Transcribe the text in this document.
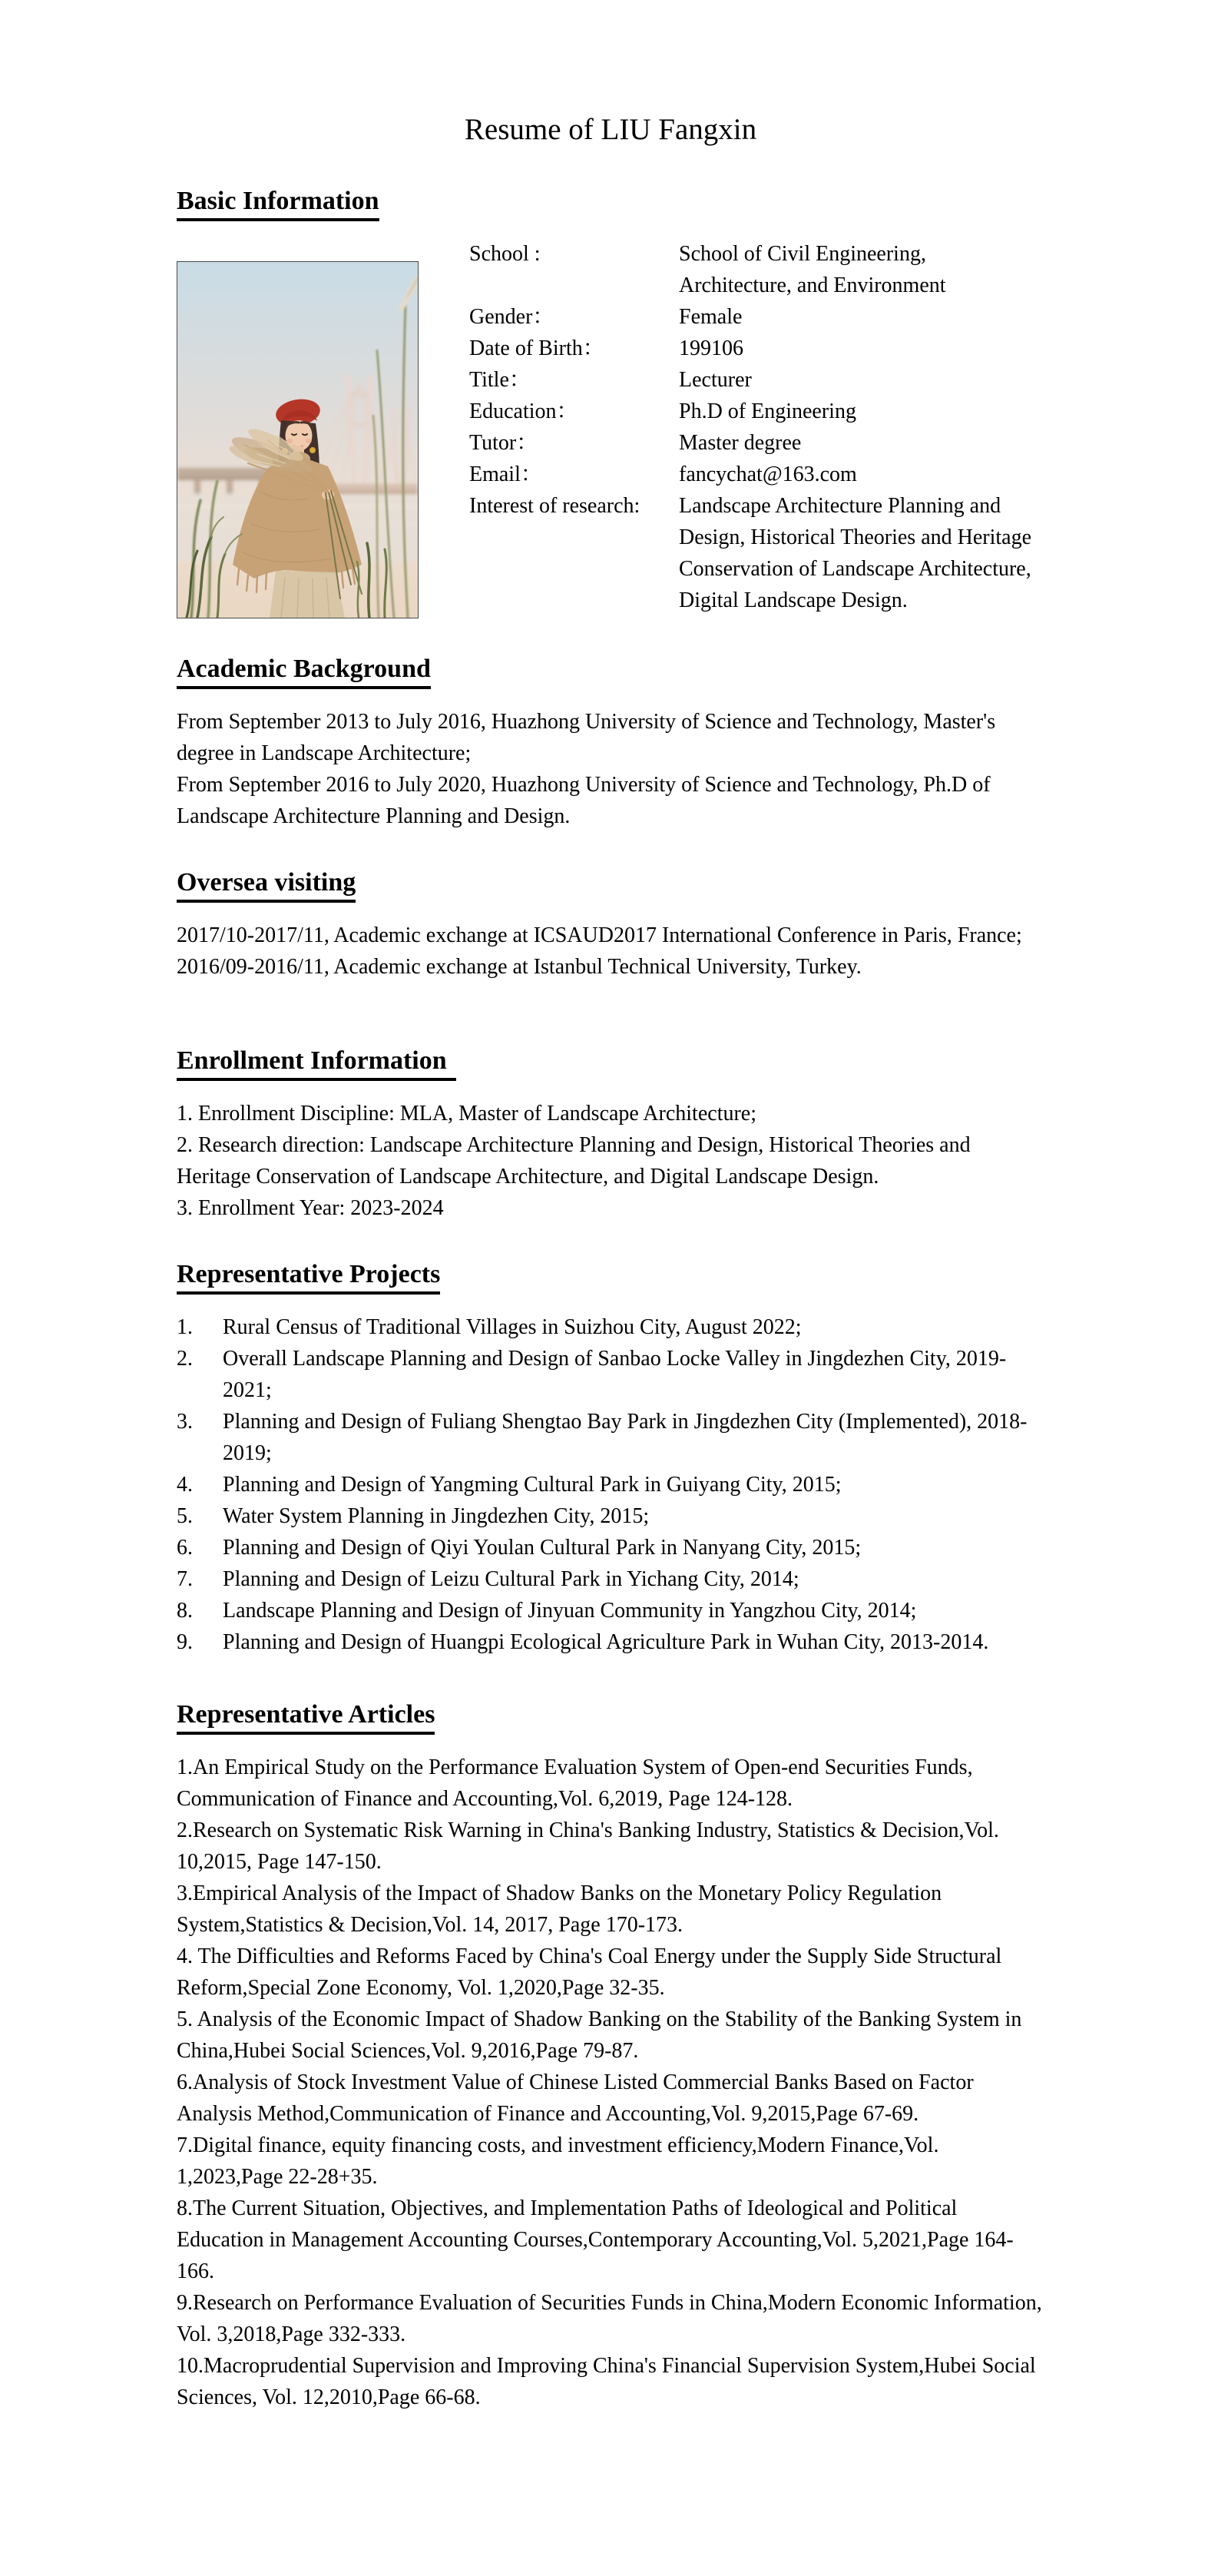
Resume of LIU Fangxin
Basic Information
School :	School of Civil Engineering, Architecture, and Environment
Gender：	Female
Date of Birth：	199106
Title：	Lecturer
Education：	Ph.D of Engineering
Tutor：	Master degree
Email：	fancychat@163.com
Interest of research:	Landscape Architecture Planning and Design, Historical Theories and Heritage Conservation of Landscape Architecture, Digital Landscape Design.
Academic Background

From September 2013 to July 2016, Huazhong University of Science and Technology, Master's degree in Landscape Architecture;

From September 2016 to July 2020, Huazhong University of Science and Technology, Ph.D of Landscape Architecture Planning and Design.

Oversea visiting

2017/10-2017/11, Academic exchange at ICSAUD2017 International Conference in Paris, France;

2016/09-2016/11, Academic exchange at Istanbul Technical University, Turkey.

Enrollment Information

1. Enrollment Discipline: MLA, Master of Landscape Architecture;

2. Research direction: Landscape Architecture Planning and Design, Historical Theories and Heritage Conservation of Landscape Architecture, and Digital Landscape Design.

3. Enrollment Year: 2023-2024

Representative Projects
1. Rural Census of Traditional Villages in Suizhou City, August 2022;
2. Overall Landscape Planning and Design of Sanbao Locke Valley in Jingdezhen City, 2019-2021;
3. Planning and Design of Fuliang Shengtao Bay Park in Jingdezhen City (Implemented), 2018-2019;
4. Planning and Design of Yangming Cultural Park in Guiyang City, 2015;
5. Water System Planning in Jingdezhen City, 2015;
6. Planning and Design of Qiyi Youlan Cultural Park in Nanyang City, 2015;
7. Planning and Design of Leizu Cultural Park in Yichang City, 2014;
8. Landscape Planning and Design of Jinyuan Community in Yangzhou City, 2014;
9. Planning and Design of Huangpi Ecological Agriculture Park in Wuhan City, 2013-2014.
Representative Articles

1.An Empirical Study on the Performance Evaluation System of Open-end Securities Funds, Communication of Finance and Accounting,Vol. 6,2019, Page 124-128.

2.Research on Systematic Risk Warning in China's Banking Industry, Statistics & Decision,Vol. 10,2015, Page 147-150.

3.Empirical Analysis of the Impact of Shadow Banks on the Monetary Policy Regulation System,Statistics & Decision,Vol. 14, 2017, Page 170-173.

4. The Difficulties and Reforms Faced by China's Coal Energy under the Supply Side Structural Reform,Special Zone Economy, Vol. 1,2020,Page 32-35.

5. Analysis of the Economic Impact of Shadow Banking on the Stability of the Banking System in China,Hubei Social Sciences,Vol. 9,2016,Page 79-87.

6.Analysis of Stock Investment Value of Chinese Listed Commercial Banks Based on Factor Analysis Method,Communication of Finance and Accounting,Vol. 9,2015,Page 67-69.

7.Digital finance, equity financing costs, and investment efficiency,Modern Finance,Vol. 1,2023,Page 22-28+35.

8.The Current Situation, Objectives, and Implementation Paths of Ideological and Political Education in Management Accounting Courses,Contemporary Accounting,Vol. 5,2021,Page 164-166.

9.Research on Performance Evaluation of Securities Funds in China,Modern Economic Information, Vol. 3,2018,Page 332-333.

10.Macroprudential Supervision and Improving China's Financial Supervision System,Hubei Social Sciences, Vol. 12,2010,Page 66-68.
